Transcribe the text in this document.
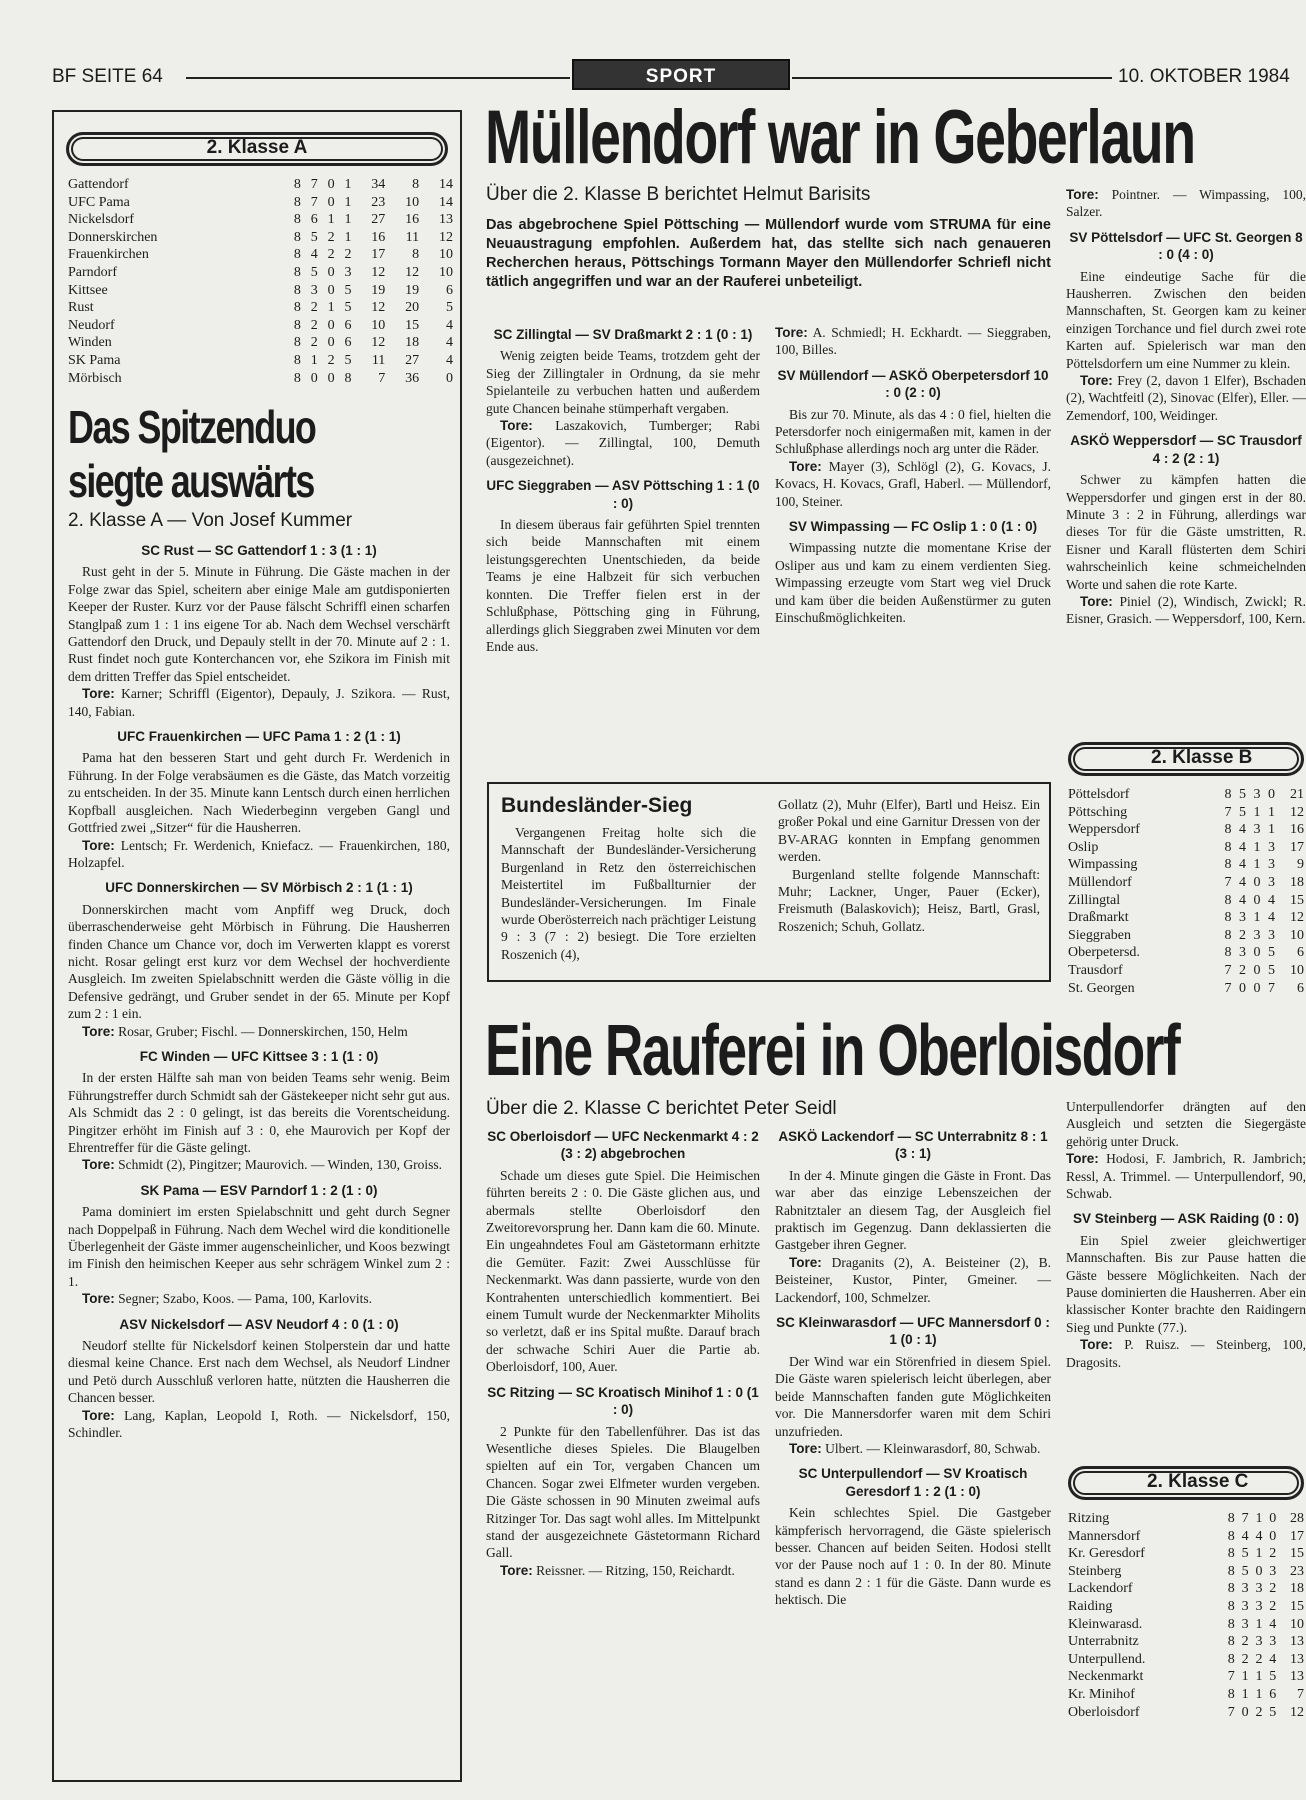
BF SEITE 64	SPORT	10. OKTOBER 1984
2. Klasse A
Gattendorf	8	7	0	1	34	8	14
UFC Pama	8	7	0	1	23	10	14
Nickelsdorf	8	6	1	1	27	16	13
Donnerskirchen	8	5	2	1	16	11	12
Frauenkirchen	8	4	2	2	17	8	10
Parndorf	8	5	0	3	12	12	10
Kittsee	8	3	0	5	19	19	6
Rust	8	2	1	5	12	20	5
Neudorf	8	2	0	6	10	15	4
Winden	8	2	0	6	12	18	4
SK Pama	8	1	2	5	11	27	4
Mörbisch	8	0	0	8	7	36	0
Das Spitzenduo
siegte auswärts
2. Klasse A — Von Josef Kummer

SC Rust — SC Gattendorf 1 : 3 (1 : 1)

Rust geht in der 5. Minute in Führung. Die Gäste machen in der Folge zwar das Spiel, scheitern aber einige Male am gutdisponierten Keeper der Ruster. Kurz vor der Pause fälscht Schriffl einen scharfen Stanglpaß zum 1 : 1 ins eigene Tor ab. Nach dem Wechsel verschärft Gattendorf den Druck, und Depauly stellt in der 70. Minute auf 2 : 1. Rust findet noch gute Konterchancen vor, ehe Szikora im Finish mit dem dritten Treffer das Spiel entscheidet.

Tore: Karner; Schriffl (Eigentor), Depauly, J. Szikora. — Rust, 140, Fabian.

UFC Frauenkirchen — UFC Pama 1 : 2 (1 : 1)

Pama hat den besseren Start und geht durch Fr. Werdenich in Führung. In der Folge verabsäumen es die Gäste, das Match vorzeitig zu entscheiden. In der 35. Minute kann Lentsch durch einen herrlichen Kopfball ausgleichen. Nach Wiederbeginn vergeben Gangl und Gottfried zwei „Sitzer“ für die Hausherren.

Tore: Lentsch; Fr. Werdenich, Kniefacz. — Frauenkirchen, 180, Holzapfel.

UFC Donnerskirchen — SV Mörbisch 2 : 1 (1 : 1)

Donnerskirchen macht vom Anpfiff weg Druck, doch überraschenderweise geht Mörbisch in Führung. Die Hausherren finden Chance um Chance vor, doch im Verwerten klappt es vorerst nicht. Rosar gelingt erst kurz vor dem Wechsel der hochverdiente Ausgleich. Im zweiten Spielabschnitt werden die Gäste völlig in die Defensive gedrängt, und Gruber sendet in der 65. Minute per Kopf zum 2 : 1 ein.

Tore: Rosar, Gruber; Fischl. — Donnerskirchen, 150, Helm

FC Winden — UFC Kittsee 3 : 1 (1 : 0)

In der ersten Hälfte sah man von beiden Teams sehr wenig. Beim Führungstreffer durch Schmidt sah der Gästekeeper nicht sehr gut aus. Als Schmidt das 2 : 0 gelingt, ist das bereits die Vorentscheidung. Pingitzer erhöht im Finish auf 3 : 0, ehe Maurovich per Kopf der Ehrentreffer für die Gäste gelingt.

Tore: Schmidt (2), Pingitzer; Maurovich. — Winden, 130, Groiss.

SK Pama — ESV Parndorf 1 : 2 (1 : 0)

Pama dominiert im ersten Spielabschnitt und geht durch Segner nach Doppelpaß in Führung. Nach dem Wechel wird die konditionelle Überlegenheit der Gäste immer augenscheinlicher, und Koos bezwingt im Finish den heimischen Keeper aus sehr schrägem Winkel zum 2 : 1.

Tore: Segner; Szabo, Koos. — Pama, 100, Karlovits.

ASV Nickelsdorf — ASV Neudorf 4 : 0 (1 : 0)

Neudorf stellte für Nickelsdorf keinen Stolperstein dar und hatte diesmal keine Chance. Erst nach dem Wechsel, als Neudorf Lindner und Petö durch Ausschluß verloren hatte, nützten die Hausherren die Chancen besser.

Tore: Lang, Kaplan, Leopold I, Roth. — Nickelsdorf, 150, Schindler.

Müllendorf war in Geberlaun
Über die 2. Klasse B berichtet Helmut Barisits
Das abgebrochene Spiel Pöttsching — Müllendorf wurde vom STRUMA für eine Neuaustragung empfohlen. Außerdem hat, das stellte sich nach genaueren Recherchen heraus, Pöttschings Tormann Mayer den Müllendorfer Schriefl nicht tätlich angegriffen und war an der Rauferei unbeteiligt.

SC Zillingtal — SV Draßmarkt 2 : 1 (0 : 1)

Wenig zeigten beide Teams, trotzdem geht der Sieg der Zillingtaler in Ordnung, da sie mehr Spielanteile zu verbuchen hatten und außerdem gute Chancen beinahe stümperhaft vergaben.

Tore: Laszakovich, Tumberger; Rabi (Eigentor). — Zillingtal, 100, Demuth (ausgezeichnet).

UFC Sieggraben — ASV Pöttsching 1 : 1 (0 : 0)

In diesem überaus fair geführten Spiel trennten sich beide Mannschaften mit einem leistungsgerechten Unentschieden, da beide Teams je eine Halbzeit für sich verbuchen konnten. Die Treffer fielen erst in der Schlußphase, Pöttsching ging in Führung, allerdings glich Sieggraben zwei Minuten vor dem Ende aus.

Tore: A. Schmiedl; H. Eckhardt. — Sieggraben, 100, Billes.

SV Müllendorf — ASKÖ Oberpetersdorf 10 : 0 (2 : 0)

Bis zur 70. Minute, als das 4 : 0 fiel, hielten die Petersdorfer noch einigermaßen mit, kamen in der Schlußphase allerdings noch arg unter die Räder.

Tore: Mayer (3), Schlögl (2), G. Kovacs, J. Kovacs, H. Kovacs, Grafl, Haberl. — Müllendorf, 100, Steiner.

SV Wimpassing — FC Oslip 1 : 0 (1 : 0)

Wimpassing nutzte die momentane Krise der Osliper aus und kam zu einem verdienten Sieg. Wimpassing erzeugte vom Start weg viel Druck und kam über die beiden Außenstürmer zu guten Einschußmöglichkeiten.

Tore: Pointner. — Wimpassing, 100, Salzer.

SV Pöttelsdorf — UFC St. Georgen 8 : 0 (4 : 0)

Eine eindeutige Sache für die Hausherren. Zwischen den beiden Mannschaften, St. Georgen kam zu keiner einzigen Torchance und fiel durch zwei rote Karten auf. Spielerisch war man den Pöttelsdorfern um eine Nummer zu klein.

Tore: Frey (2, davon 1 Elfer), Bschaden (2), Wachtfeitl (2), Sinovac (Elfer), Eller. — Zemendorf, 100, Weidinger.

ASKÖ Weppersdorf — SC Trausdorf 4 : 2 (2 : 1)

Schwer zu kämpfen hatten die Weppersdorfer und gingen erst in der 80. Minute 3 : 2 in Führung, allerdings war dieses Tor für die Gäste umstritten, R. Eisner und Karall flüsterten dem Schiri wahrscheinlich keine schmeichelnden Worte und sahen die rote Karte.

Tore: Piniel (2), Windisch, Zwickl; R. Eisner, Grasich. — Weppersdorf, 100, Kern.

Bundesländer-Sieg

Vergangenen Freitag holte sich die Mannschaft der Bundesländer-Versicherung Burgenland in Retz den österreichischen Meistertitel im Fußballturnier der Bundesländer-Versicherungen. Im Finale wurde Oberösterreich nach prächtiger Leistung 9 : 3 (7 : 2) besiegt. Die Tore erzielten Roszenich (4),

Gollatz (2), Muhr (Elfer), Bartl und Heisz. Ein großer Pokal und eine Garnitur Dressen von der BV-ARAG konnten in Empfang genommen werden.

Burgenland stellte folgende Mannschaft: Muhr; Lackner, Unger, Pauer (Ecker), Freismuth (Balaskovich); Heisz, Bartl, Grasl, Roszenich; Schuh, Gollatz.

2. Klasse B
Pöttelsdorf	8	5	3	0	21
Pöttsching	7	5	1	1	12
Weppersdorf	8	4	3	1	16
Oslip	8	4	1	3	17
Wimpassing	8	4	1	3	9
Müllendorf	7	4	0	3	18
Zillingtal	8	4	0	4	15
Draßmarkt	8	3	1	4	12
Sieggraben	8	2	3	3	10
Oberpetersd.	8	3	0	5	6
Trausdorf	7	2	0	5	10
St. Georgen	7	0	0	7	6
Eine Rauferei in Oberloisdorf
Über die 2. Klasse C berichtet Peter Seidl

SC Oberloisdorf — UFC Neckenmarkt 4 : 2 (3 : 2) abgebrochen

Schade um dieses gute Spiel. Die Heimischen führten bereits 2 : 0. Die Gäste glichen aus, und abermals stellte Oberloisdorf den Zweitorevorsprung her. Dann kam die 60. Minute. Ein ungeahndetes Foul am Gästetormann erhitzte die Gemüter. Fazit: Zwei Ausschlüsse für Neckenmarkt. Was dann passierte, wurde von den Kontrahenten unterschiedlich kommentiert. Bei einem Tumult wurde der Neckenmarkter Miholits so verletzt, daß er ins Spital mußte. Darauf brach der schwache Schiri Auer die Partie ab. Oberloisdorf, 100, Auer.

SC Ritzing — SC Kroatisch Minihof 1 : 0 (1 : 0)

2 Punkte für den Tabellenführer. Das ist das Wesentliche dieses Spieles. Die Blaugelben spielten auf ein Tor, vergaben Chancen um Chancen. Sogar zwei Elfmeter wurden vergeben. Die Gäste schossen in 90 Minuten zweimal aufs Ritzinger Tor. Das sagt wohl alles. Im Mittelpunkt stand der ausgezeichnete Gästetormann Richard Gall.

Tore: Reissner. — Ritzing, 150, Reichardt.

ASKÖ Lackendorf — SC Unterrabnitz 8 : 1 (3 : 1)

In der 4. Minute gingen die Gäste in Front. Das war aber das einzige Lebenszeichen der Rabnitztaler an diesem Tag, der Ausgleich fiel praktisch im Gegenzug. Dann deklassierten die Gastgeber ihren Gegner.

Tore: Draganits (2), A. Beisteiner (2), B. Beisteiner, Kustor, Pinter, Gmeiner. — Lackendorf, 100, Schmelzer.

SC Kleinwarasdorf — UFC Mannersdorf 0 : 1 (0 : 1)

Der Wind war ein Störenfried in diesem Spiel. Die Gäste waren spielerisch leicht überlegen, aber beide Mannschaften fanden gute Möglichkeiten vor. Die Mannersdorfer waren mit dem Schiri unzufrieden.

Tore: Ulbert. — Kleinwarasdorf, 80, Schwab.

SC Unterpullendorf — SV Kroatisch Geresdorf 1 : 2 (1 : 0)

Kein schlechtes Spiel. Die Gastgeber kämpferisch hervorragend, die Gäste spielerisch besser. Chancen auf beiden Seiten. Hodosi stellt vor der Pause noch auf 1 : 0. In der 80. Minute stand es dann 2 : 1 für die Gäste. Dann wurde es hektisch. Die

Unterpullendorfer drängten auf den Ausgleich und setzten die Siegergäste gehörig unter Druck.

Tore: Hodosi, F. Jambrich, R. Jambrich; Ressl, A. Trimmel. — Unterpullendorf, 90, Schwab.

SV Steinberg — ASK Raiding (0 : 0)

Ein Spiel zweier gleichwertiger Mannschaften. Bis zur Pause hatten die Gäste bessere Möglichkeiten. Nach der Pause dominierten die Hausherren. Aber ein klassischer Konter brachte den Raidingern Sieg und Punkte (77.).

Tore: P. Ruisz. — Steinberg, 100, Dragosits.

2. Klasse C
Ritzing	8	7	1	0	28
Mannersdorf	8	4	4	0	17
Kr. Geresdorf	8	5	1	2	15
Steinberg	8	5	0	3	23
Lackendorf	8	3	3	2	18
Raiding	8	3	3	2	15
Kleinwarasd.	8	3	1	4	10
Unterrabnitz	8	2	3	3	13
Unterpullend.	8	2	2	4	13
Neckenmarkt	7	1	1	5	13
Kr. Minihof	8	1	1	6	7
Oberloisdorf	7	0	2	5	12
